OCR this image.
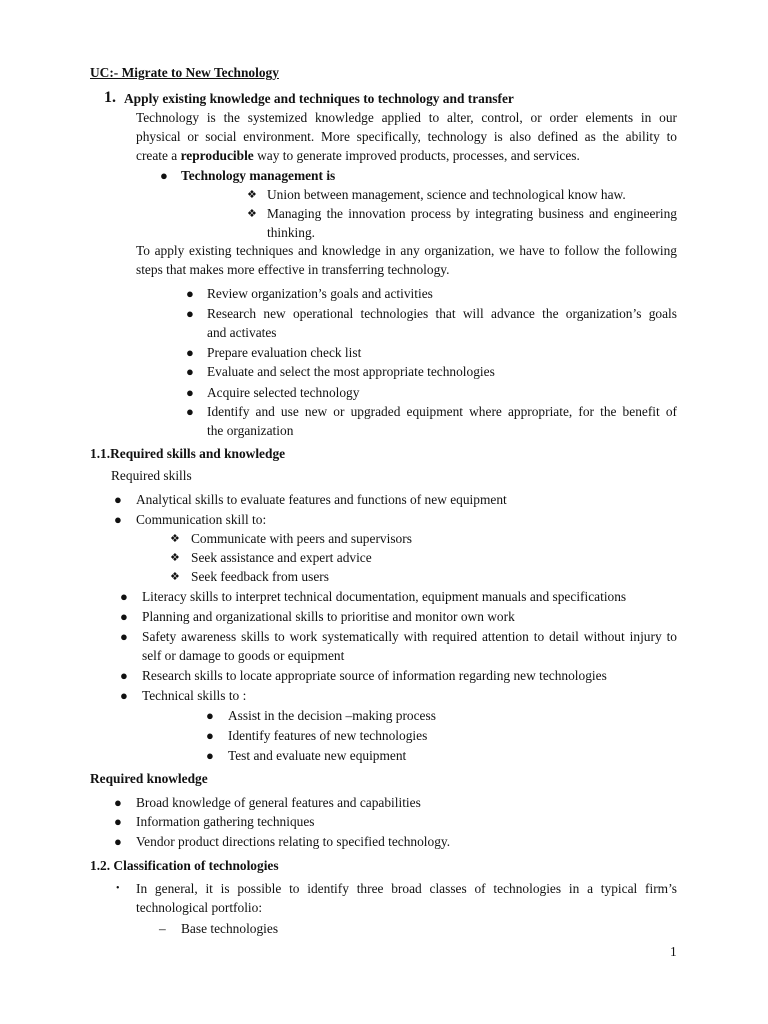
UC:- Migrate to New Technology
1. Apply existing knowledge and techniques to technology and transfer
Technology is the systemized knowledge applied to alter, control, or order elements in our
physical or social environment. More specifically, technology is also defined as the ability to
create a reproducible way to generate improved products, processes, and services.
● Technology management is
❖ Union between management, science and technological know haw.
❖ Managing the innovation process by integrating business and engineering
thinking.
To apply existing techniques and knowledge in any organization, we have to follow the following
steps that makes more effective in transferring technology.
● Review organization’s goals and activities
● Research new operational technologies that will advance the organization’s goals
and activates
● Prepare evaluation check list
● Evaluate and select the most appropriate technologies
● Acquire selected technology
● Identify and use new or upgraded equipment where appropriate, for the benefit of
the organization
1.1.Required skills and knowledge
Required skills
● Analytical skills to evaluate features and functions of new equipment
● Communication skill to:
❖ Communicate with peers and supervisors
❖ Seek assistance and expert advice
❖ Seek feedback from users
● Literacy skills to interpret technical documentation, equipment manuals and specifications
● Planning and organizational skills to prioritise and monitor own work
● Safety awareness skills to work systematically with required attention to detail without injury to
self or damage to goods or equipment
● Research skills to locate appropriate source of information regarding new technologies
● Technical skills to :
● Assist in the decision –making process
● Identify features of new technologies
● Test and evaluate new equipment
Required knowledge
● Broad knowledge of general features and capabilities
● Information gathering techniques
● Vendor product directions relating to specified technology.
1.2. Classification of technologies
• In general, it is possible to identify three broad classes of technologies in a typical firm’s
technological portfolio:
– Base technologies
1
